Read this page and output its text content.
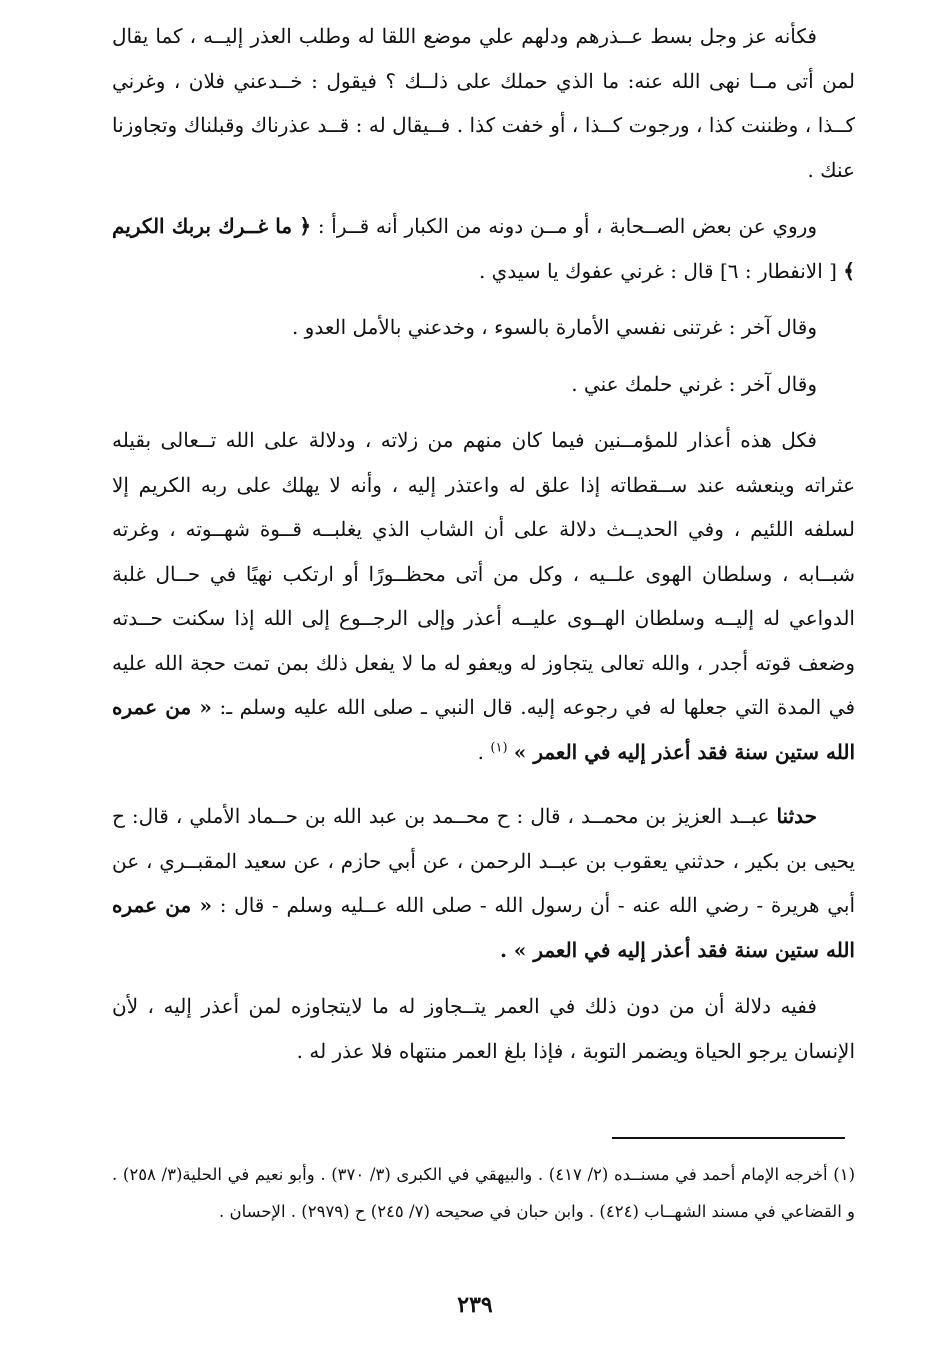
فكأنه عز وجل بسط عــذرهم ودلهم علي موضع اللقا له وطلب العذر إليــه ، كما يقال لمن أتى مــا نهى الله عنه: ما الذي حملك على ذلــك ؟ فيقول : خــدعني فلان ، وغرني كــذا ، وظننت كذا ، ورجوت كــذا ، أو خفت كذا . فــيقال له : قــد عذرناك وقبلناك وتجاوزنا عنك .

وروي عن بعض الصــحابة ، أو مــن دونه من الكبار أنه قــرأ : ﴿ ما غــرك بربك الكريم ﴾ [ الانفطار : ٦] قال : غرني عفوك يا سيدي .

وقال آخر : غرتنى نفسي الأمارة بالسوء ، وخدعني بالأمل العدو .

وقال آخر : غرني حلمك عني .

فكل هذه أعذار للمؤمــنين فيما كان منهم من زلاته ، ودلالة على الله تــعالى بقيله عثراته وينعشه عند ســقطاته إذا علق له واعتذر إليه ، وأنه لا يهلك على ربه الكريم إلا لسلفه اللئيم ، وفي الحديــث دلالة على أن الشاب الذي يغلبــه قــوة شهــوته ، وغرته شبــابه ، وسلطان الهوى علــيه ، وكل من أتى محظــورًا أو ارتكب نهيًا في حــال غلبة الدواعي له إليــه وسلطان الهــوى عليــه أعذر وإلى الرجــوع إلى الله إذا سكنت حــدته وضعف قوته أجدر ، والله تعالى يتجاوز له ويعفو له ما لا يفعل ذلك بمن تمت حجة الله عليه في المدة التي جعلها له في رجوعه إليه. قال النبي ـ صلى الله عليه وسلم ـ: « من عمره الله ستين سنة فقد أعذر إليه في العمر » $^{(١)}$ .

حدثنا عبــد العزيز بن محمــد ، قال : ح محــمد بن عبد الله بن حــماد الأملي ، قال: ح يحيى بن بكير ، حدثني يعقوب بن عبــد الرحمن ، عن أبي حازم ، عن سعيد المقبــري ، عن أبي هريرة - رضي الله عنه - أن رسول الله - صلى الله عــليه وسلم - قال : « من عمره الله ستين سنة فقد أعذر إليه في العمر » .

ففيه دلالة أن من دون ذلك في العمر يتــجاوز له ما لايتجاوزه لمن أعذر إليه ، لأن الإنسان يرجو الحياة ويضمر التوبة ، فإذا بلغ العمر منتهاه فلا عذر له .

(١) أخرجه الإمام أحمد في مسنــده (٢/ ٤١٧) . والبيهقي في الكبرى (٣/ ٣٧٠) . وأبو نعيم في الحلية(٣/ ٢٥٨) . و القضاعي في مسند الشهــاب (٤٢٤) . وابن حبان في صحيحه (٧/ ٢٤٥) ح (٢٩٧٩) . الإحسان .

٢٣٩
